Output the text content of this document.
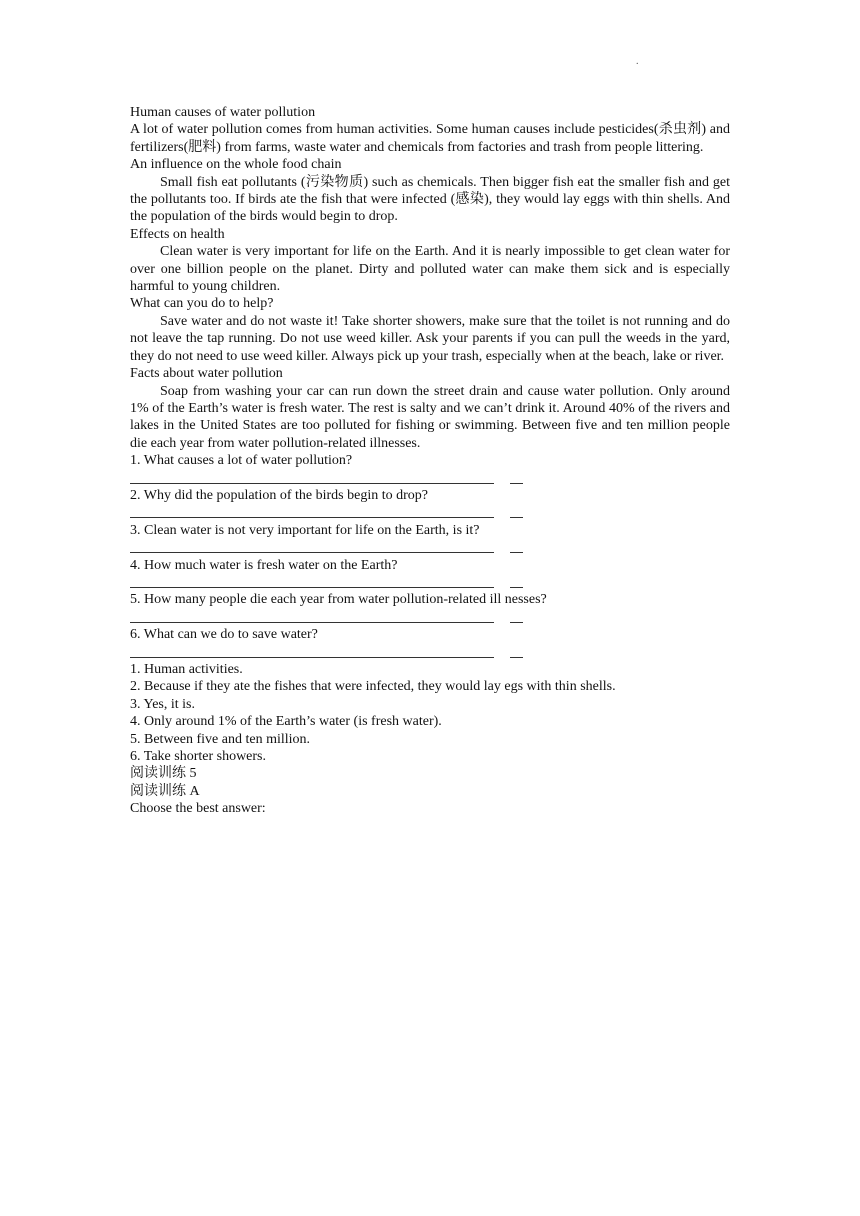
.

Human causes of water pollution

A lot of water pollution comes from human activities. Some human causes include pesticides(杀虫剂) and fertilizers(肥料) from farms, waste water and chemicals from factories and trash from people littering.

An influence on the whole food chain

Small fish eat pollutants (污染物质) such as chemicals. Then bigger fish eat the smaller fish and get the pollutants too. If birds ate the fish that were infected (感染), they would lay eggs with thin shells. And the population of the birds would begin to drop.

Effects on health

Clean water is very important for life on the Earth. And it is nearly impossible to get clean water for over one billion people on the planet. Dirty and polluted water can make them sick and is especially harmful to young children.

What can you do to help?

Save water and do not waste it! Take shorter showers, make sure that the toilet is not running and do not leave the tap running. Do not use weed killer. Ask your parents if you can pull the weeds in the yard, they do not need to use weed killer. Always pick up your trash, especially when at the beach, lake or river.

Facts about water pollution

Soap from washing your car can run down the street drain and cause water pollution. Only around 1% of the Earth’s water is fresh water. The rest is salty and we can’t drink it. Around 40% of the rivers and lakes in the United States are too polluted for fishing or swimming. Between five and ten million people die each year from water pollution-related illnesses.

1. What causes a lot of water pollution?

2. Why did the population of the birds begin to drop?

3. Clean water is not very important for life on the Earth, is it?

4. How much water is fresh water on the Earth?

5. How many people die each year from water pollution-related ill nesses?

6. What can we do to save water?

1. Human activities.

2. Because if they ate the fishes that were infected, they would lay egs with thin shells.

3. Yes, it is.

4. Only around 1% of the Earth’s water (is fresh water).

5. Between five and ten million.

6. Take shorter showers.

阅读训练 5

阅读训练 A

Choose the best answer:
